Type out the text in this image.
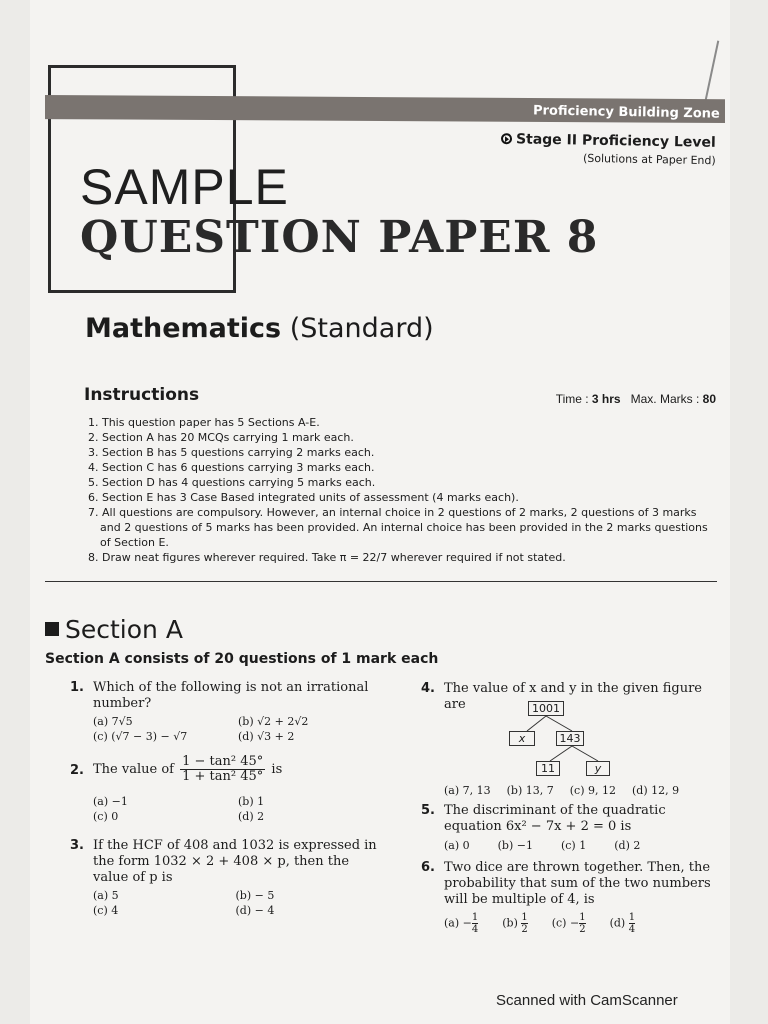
Proficiency Building Zone
Stage II Proficiency Level
(Solutions at Paper End)
SAMPLE
QUESTION PAPER 8
Mathematics (Standard)
Instructions	Time : 3 hrs Max. Marks : 80
1. This question paper has 5 Sections A-E.
2. Section A has 20 MCQs carrying 1 mark each.
3. Section B has 5 questions carrying 2 marks each.
4. Section C has 6 questions carrying 3 marks each.
5. Section D has 4 questions carrying 5 marks each.
6. Section E has 3 Case Based integrated units of assessment (4 marks each).
7. All questions are compulsory. However, an internal choice in 2 questions of 2 marks, 2 questions of 3 marks and 2 questions of 5 marks has been provided. An internal choice has been provided in the 2 marks questions of Section E.
8. Draw neat figures wherever required. Take π = 22/7 wherever required if not stated.
Section A
Section A consists of 20 questions of 1 mark each
1. Which of the following is not an irrational number?
(a) 7√5	(b) √2 + 2√2
(c) (√7 − 3) − √7	(d) √3 + 2
2. The value of $\frac{\text{1 − tan² 45°}}{\text{1 + tan² 45°}}$ is
(a) −1	(b) 1
(c) 0	(d) 2
3. If the HCF of 408 and 1032 is expressed in the form 1032 × 2 + 408 × p, then the value of p is
(a) 5	(b) − 5
(c) 4	(d) − 4
4. The value of x and y in the given figure are	1001
x	143
11	y
(a) 7, 13 (b) 13, 7 (c) 9, 12 (d) 12, 9
5. The discriminant of the quadratic equation 6x² − 7x + 2 = 0 is
(a) 0	(b) −1	(c) 1	(d) 2
6. Two dice are thrown together. Then, the probability that sum of the two numbers will be multiple of 4, is
$(a) - \frac{1}{4} (b) \frac{1}{2} (c) - \frac{1}{2} (d) \frac{1}{4}$
Scanned with CamScanner
